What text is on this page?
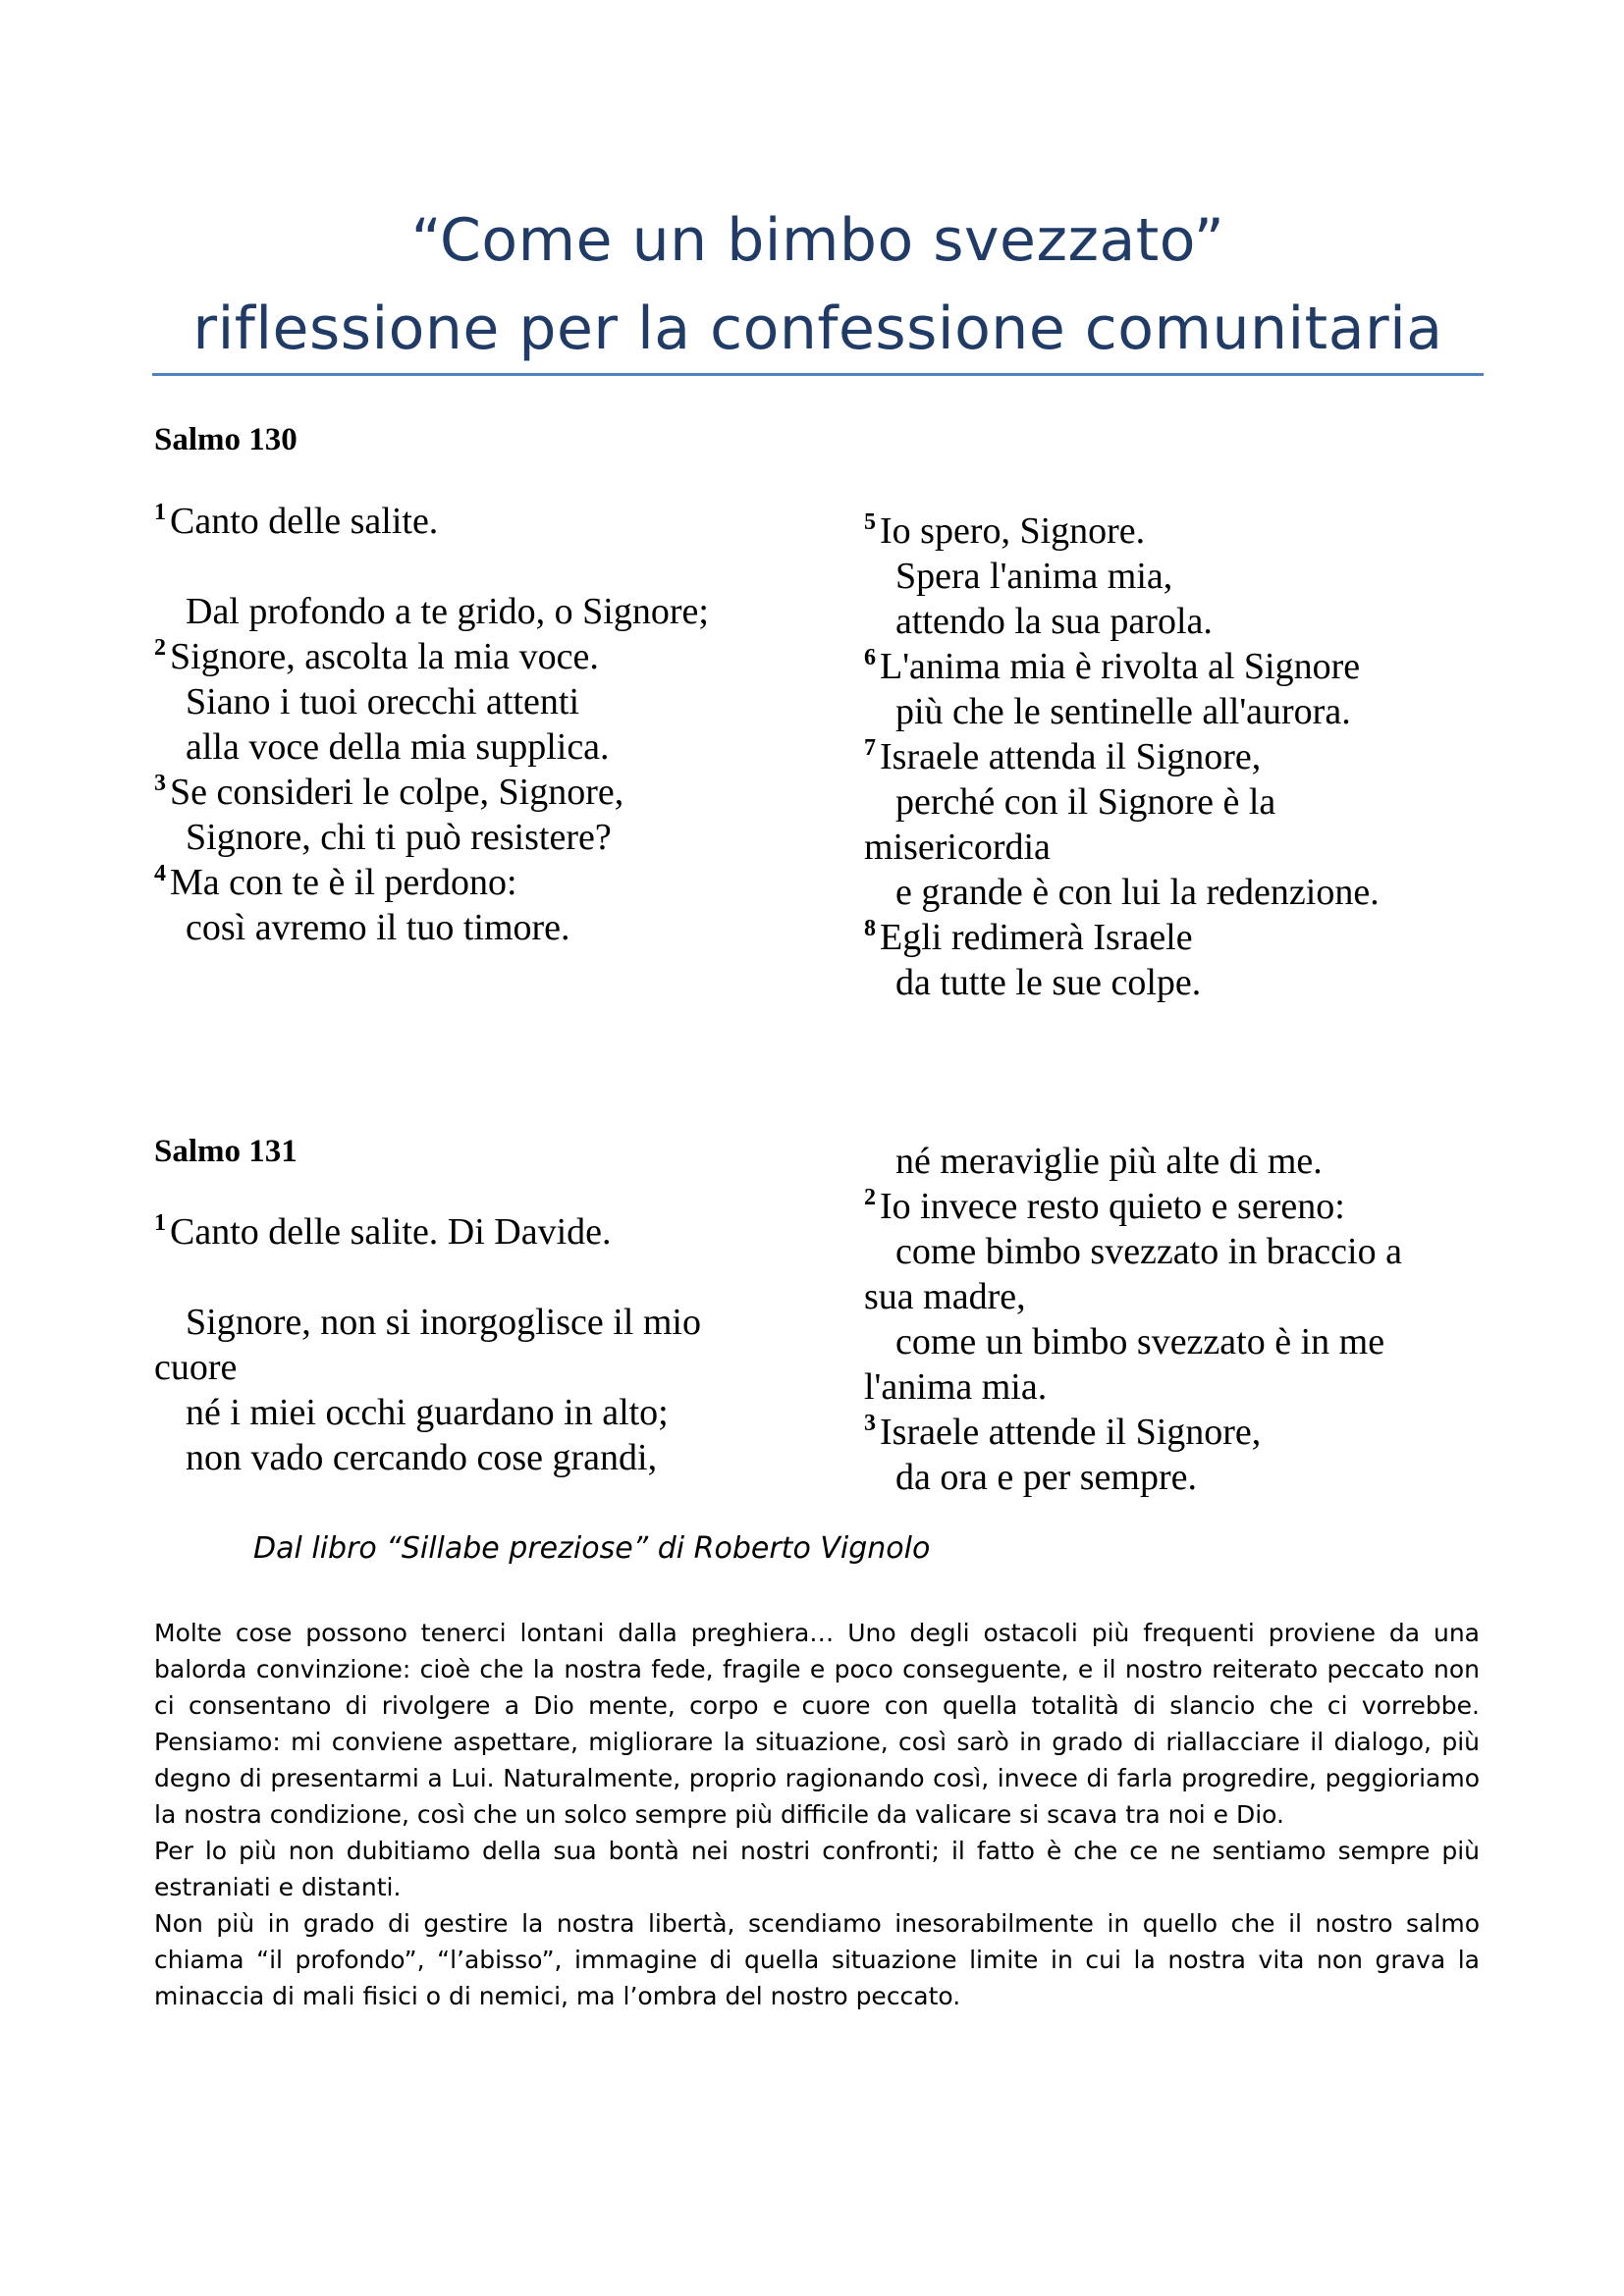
“Come un bimbo svezzato”
riflessione per la confessione comunitaria
Salmo 130
$^1$ Canto delle salite.
Dal profondo a te grido, o Signore;
$^2$ Signore, ascolta la mia voce.
Siano i tuoi orecchi attenti
alla voce della mia supplica.
$^3$ Se consideri le colpe, Signore,
Signore, chi ti può resistere?
$^4$ Ma con te è il perdono:
così avremo il tuo timore.
$^5$ Io spero, Signore.
Spera l'anima mia,
attendo la sua parola.
$^6$ L'anima mia è rivolta al Signore
più che le sentinelle all'aurora.
$^7$ Israele attenda il Signore,
perché con il Signore è la
misericordia
e grande è con lui la redenzione.
$^8$ Egli redimerà Israele
da tutte le sue colpe.
Salmo 131
$^1$ Canto delle salite. Di Davide.
Signore, non si inorgoglisce il mio
cuore
né i miei occhi guardano in alto;
non vado cercando cose grandi,
né meraviglie più alte di me.
$^2$ Io invece resto quieto e sereno:
come bimbo svezzato in braccio a
sua madre,
come un bimbo svezzato è in me
l'anima mia.
$^3$ Israele attende il Signore,
da ora e per sempre.
Dal libro “Sillabe preziose” di Roberto Vignolo

Molte cose possono tenerci lontani dalla preghiera… Uno degli ostacoli più frequenti proviene da una balorda convinzione: cioè che la nostra fede, fragile e poco conseguente, e il nostro reiterato peccato non ci consentano di rivolgere a Dio mente, corpo e cuore con quella totalità di slancio che ci vorrebbe. Pensiamo: mi conviene aspettare, migliorare la situazione, così sarò in grado di riallacciare il dialogo, più degno di presentarmi a Lui. Naturalmente, proprio ragionando così, invece di farla progredire, peggioriamo la nostra condizione, così che un solco sempre più difficile da valicare si scava tra noi e Dio.

Per lo più non dubitiamo della sua bontà nei nostri confronti; il fatto è che ce ne sentiamo sempre più estraniati e distanti.

Non più in grado di gestire la nostra libertà, scendiamo inesorabilmente in quello che il nostro salmo chiama “il profondo”, “l’abisso”, immagine di quella situazione limite in cui la nostra vita non grava la minaccia di mali fisici o di nemici, ma l’ombra del nostro peccato.
